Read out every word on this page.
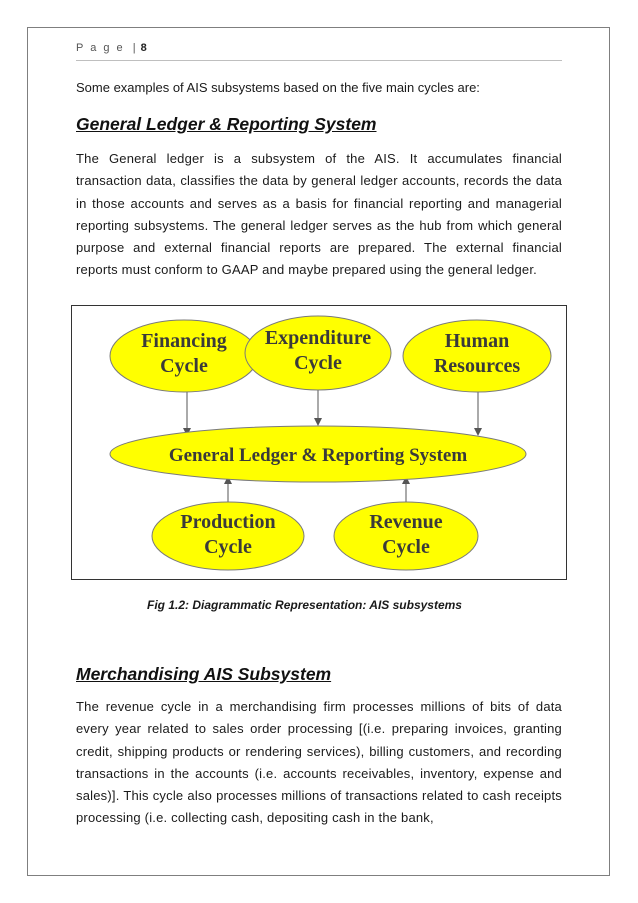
P a g e | 8
Some examples of AIS subsystems based on the five main cycles are:
General Ledger & Reporting System

The General ledger is a subsystem of the AIS. It accumulates financial transaction data, classifies the data by general ledger accounts, records the data in those accounts and serves as a basis for financial reporting and managerial reporting subsystems. The general ledger serves as the hub from which general purpose and external financial reports are prepared. The external financial reports must conform to GAAP and maybe prepared using the general ledger.

Financing
Cycle
Expenditure
Cycle
Human
Resources
General Ledger & Reporting System
Production
Cycle
Revenue
Cycle
Fig 1.2: Diagrammatic Representation: AIS subsystems
Merchandising AIS Subsystem

The revenue cycle in a merchandising firm processes millions of bits of data every year related to sales order processing [(i.e. preparing invoices, granting credit, shipping products or rendering services), billing customers, and recording transactions in the accounts (i.e. accounts receivables, inventory, expense and sales)]. This cycle also processes millions of transactions related to cash receipts processing (i.e. collecting cash, depositing cash in the bank,
